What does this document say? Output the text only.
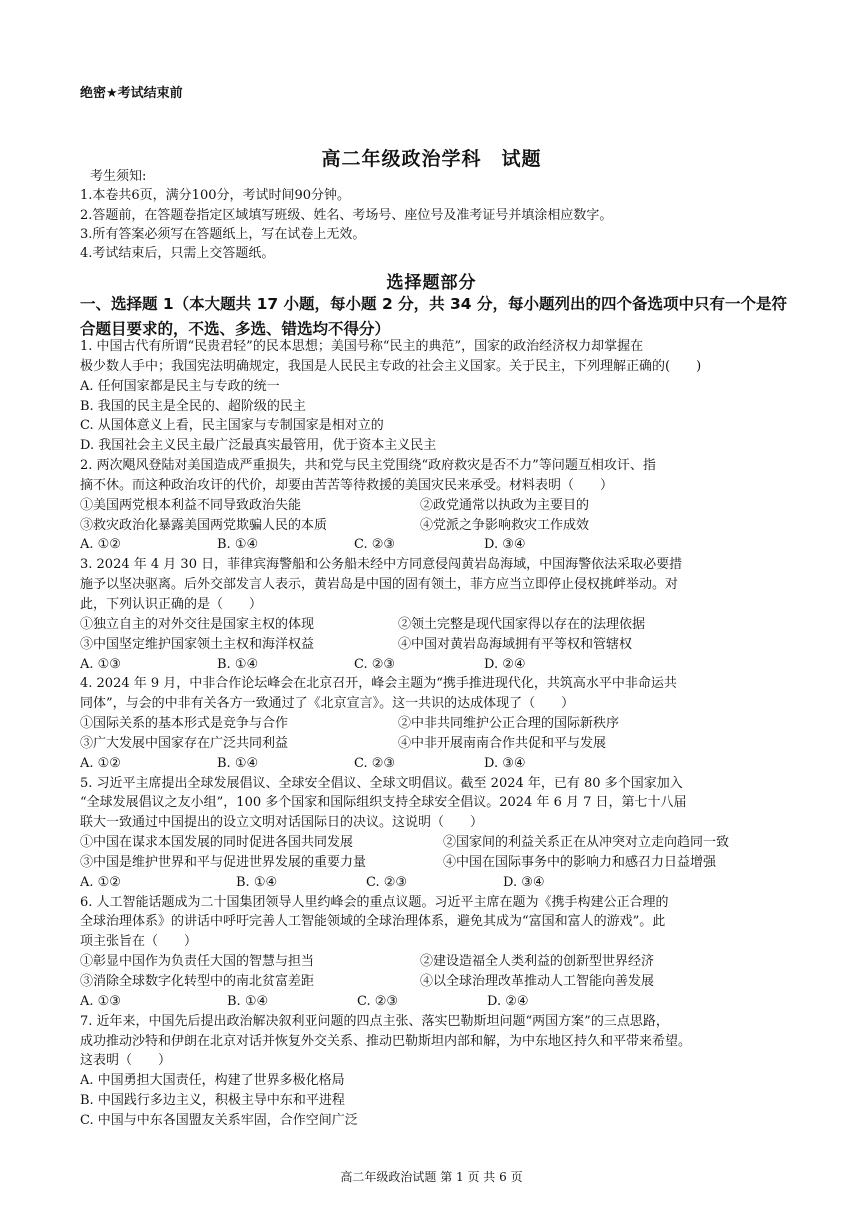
绝密★考试结束前
高二年级政治学科　试题
考生须知:
1.本卷共6页，满分100分，考试时间90分钟。
2.答题前，在答题卷指定区域填写班级、姓名、考场号、座位号及准考证号并填涂相应数字。
3.所有答案必须写在答题纸上，写在试卷上无效。
4.考试结束后，只需上交答题纸。
选择题部分
一、选择题 1（本大题共 17 小题，每小题 2 分，共 34 分，每小题列出的四个备选项中只有一个是符合题目要求的，不选、多选、错选均不得分）
1. 中国古代有所谓“民贵君轻”的民本思想；美国号称“民主的典范”，国家的政治经济权力却掌握在
极少数人手中；我国宪法明确规定，我国是人民民主专政的社会主义国家。关于民主，下列理解正确的(　　)
A. 任何国家都是民主与专政的统一
B. 我国的民主是全民的、超阶级的民主
C. 从国体意义上看，民主国家与专制国家是相对立的
D. 我国社会主义民主最广泛最真实最管用，优于资本主义民主
2. 两次飓风登陆对美国造成严重损失，共和党与民主党围绕“政府救灾是否不力”等问题互相攻讦、指
摘不休。而这种政治攻讦的代价，却要由苦苦等待救援的美国灾民来承受。材料表明（　　）
①美国两党根本利益不同导致政治失能	②政党通常以执政为主要目的
③救灾政治化暴露美国两党欺骗人民的本质	④党派之争影响救灾工作成效
A. ①②	B. ①④	C. ②③	D. ③④
3. 2024 年 4 月 30 日，菲律宾海警船和公务船未经中方同意侵闯黄岩岛海域，中国海警依法采取必要措
施予以坚决驱离。后外交部发言人表示，黄岩岛是中国的固有领土，菲方应当立即停止侵权挑衅举动。对
此，下列认识正确的是（　　）
①独立自主的对外交往是国家主权的体现	②领土完整是现代国家得以存在的法理依据
③中国坚定维护国家领土主权和海洋权益	④中国对黄岩岛海域拥有平等权和管辖权
A. ①③	B. ①④	C. ②③	D. ②④
4. 2024 年 9 月，中非合作论坛峰会在北京召开，峰会主题为“携手推进现代化，共筑高水平中非命运共
同体”，与会的中非有关各方一致通过了《北京宣言》。这一共识的达成体现了（　　）
①国际关系的基本形式是竞争与合作	②中非共同维护公正合理的国际新秩序
③广大发展中国家存在广泛共同利益	④中非开展南南合作共促和平与发展
A. ①②	B. ①④	C. ②③	D. ③④
5. 习近平主席提出全球发展倡议、全球安全倡议、全球文明倡议。截至 2024 年，已有 80 多个国家加入
“全球发展倡议之友小组”，100 多个国家和国际组织支持全球安全倡议。2024 年 6 月 7 日，第七十八届
联大一致通过中国提出的设立文明对话国际日的决议。这说明（　　）
①中国在谋求本国发展的同时促进各国共同发展	②国家间的利益关系正在从冲突对立走向趋同一致
③中国是维护世界和平与促进世界发展的重要力量	④中国在国际事务中的影响力和感召力日益增强
A. ①②	B. ①④	C. ②③	D. ③④
6. 人工智能话题成为二十国集团领导人里约峰会的重点议题。习近平主席在题为《携手构建公正合理的
全球治理体系》的讲话中呼吁完善人工智能领域的全球治理体系，避免其成为“富国和富人的游戏”。此
项主张旨在（　　）
①彰显中国作为负责任大国的智慧与担当	②建设造福全人类利益的创新型世界经济
③消除全球数字化转型中的南北贫富差距	④以全球治理改革推动人工智能向善发展
A. ①③	B. ①④	C. ②③	D. ②④
7. 近年来，中国先后提出政治解决叙利亚问题的四点主张、落实巴勒斯坦问题“两国方案”的三点思路，
成功推动沙特和伊朗在北京对话并恢复外交关系、推动巴勒斯坦内部和解，为中东地区持久和平带来希望。
这表明（　　）
A. 中国勇担大国责任，构建了世界多极化格局
B. 中国践行多边主义，积极主导中东和平进程
C. 中国与中东各国盟友关系牢固，合作空间广泛
高二年级政治试题 第 1 页 共 6 页
